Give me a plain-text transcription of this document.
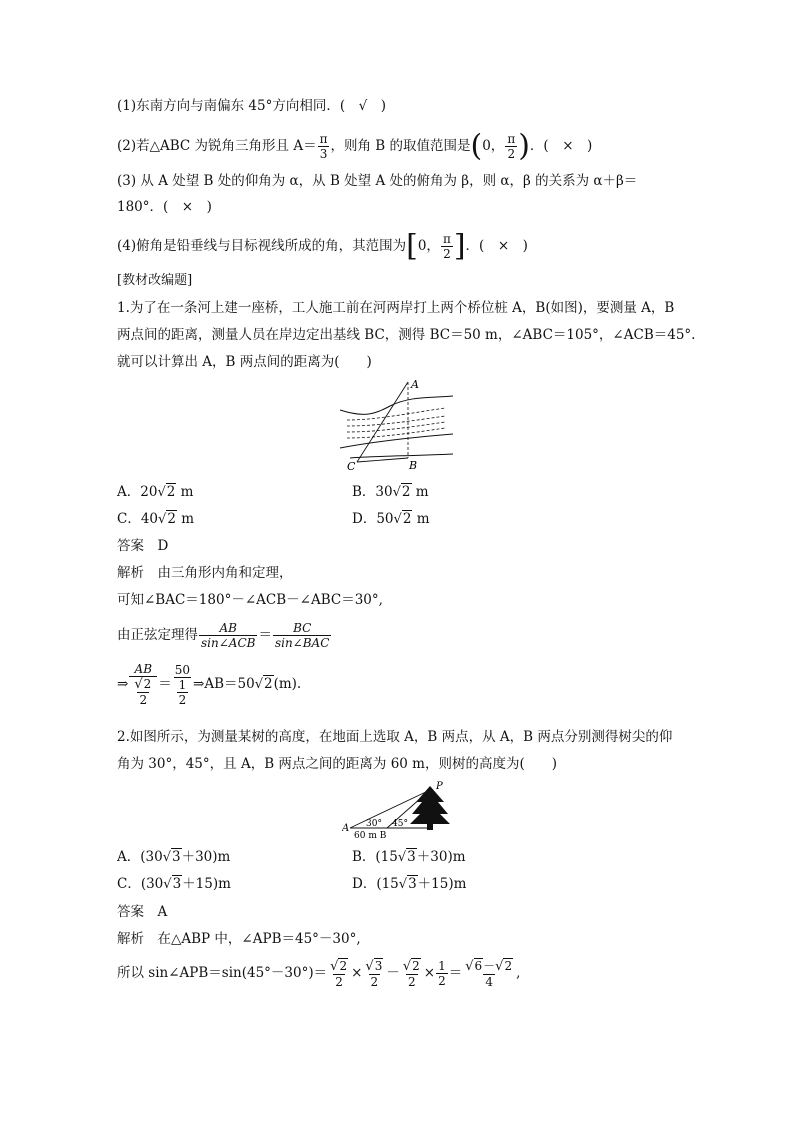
(1)东南方向与南偏东 45°方向相同．(　√　)
(2)若△ABC 为锐角三角形且 $A= \frac{\pi}{3}$ ，则角 B 的取值范围是(0， $\frac{\pi}{2}$ )．(　×　)
(3) 从 A 处望 B 处的仰角为 α，从 B 处望 A 处的俯角为 β，则 α，β 的关系为 α＋β＝
180°．(　×　)
(4)俯角是铅垂线与目标视线所成的角，其范围为[0， $\frac{\pi}{2}$ ]．(　×　)
[教材改编题]
1.为了在一条河上建一座桥，工人施工前在河两岸打上两个桥位桩 A，B(如图)，要测量 A，B
两点间的距离，测量人员在岸边定出基线 BC，测得 BC＝50 m，∠ABC＝105°，∠ACB＝45°.
就可以计算出 A，B 两点间的距离为(　　)
A
B
C
A．20√2 m	B．30√2 m
C．40√2 m	D．50√2 m
答案　D
解析　由三角形内角和定理，
可知∠BAC＝180°－∠ACB－∠ABC＝30°,
由正弦定理得 $\frac{AB}{\text{sin∠ACB}} = \frac{BC}{\text{sin∠BAC}}$
⇒ $\frac{AB}{\frac{√2}{2}} = \frac{50}{\frac{1}{2}}$ ⇒AB＝50√2(m).
2.如图所示，为测量某树的高度，在地面上选取 A，B 两点，从 A，B 两点分别测得树尖的仰
角为 30°，45°，且 A，B 两点之间的距离为 60 m，则树的高度为(　　)
P
A 30° 45°
60 m B
A．(30√3＋30)m	B．(15√3＋30)m
C．(30√3＋15)m	D．(15√3＋15)m
答案　A
解析　在△ABP 中，∠APB＝45°－30°,
所以 sin∠APB＝sin(45°－30°)＝ $\frac{√2}{2} \times \frac{√3}{2} - \frac{√2}{2} \times \frac{1}{2} = \frac{√6-√2}{4}$ ,
